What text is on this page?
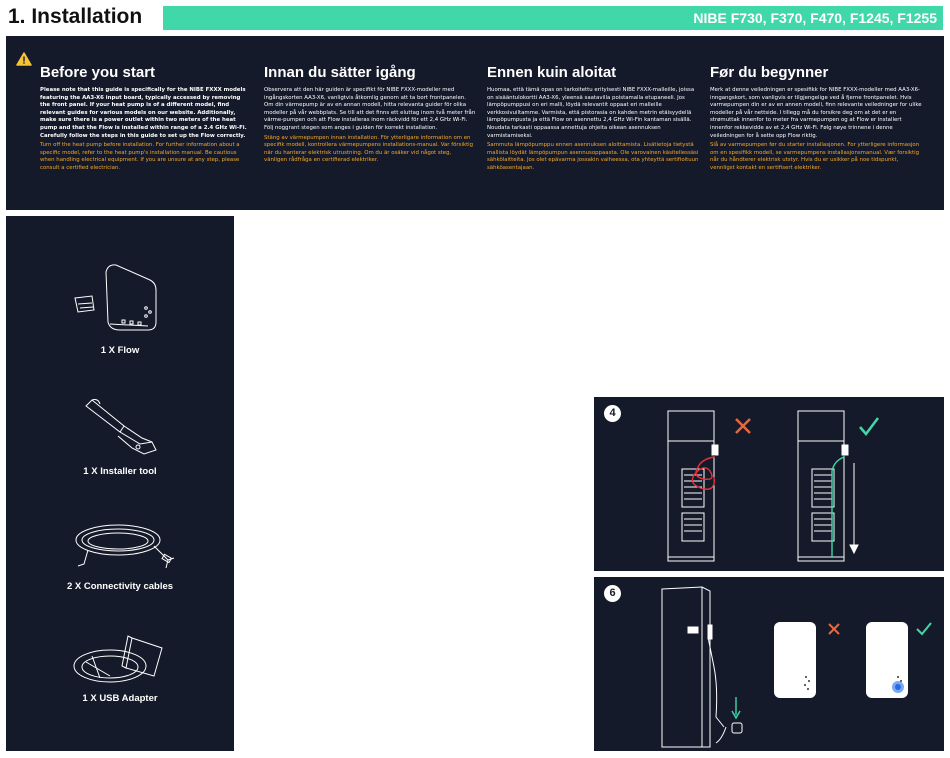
1. Installation	NIBE F730, F370, F470, F1245, F1255
Before you start

Please note that this guide is specifically for the NIBE FXXX models featuring the AA3-X6 input board, typically accessed by removing the front panel. If your heat pump is of a different model, find relevant guides for various models on our website. Additionally, make sure there is a power outlet within two meters of the heat pump and that the Flow is installed within range of a 2.4 GHz Wi-Fi. Carefully follow the steps in this guide to set up the Flow correctly.

Turn off the heat pump before installation. For further information about a specific model, refer to the heat pump's installation manual. Be cautious when handling electrical equipment. If you are unsure at any step, please consult a certified electrician.

Innan du sätter igång

Observera att den här guiden är specifikt för NIBE FXXX-modeller med ingångskorten AA3-X6, vanligtvis åtkomlig genom att ta bort frontpanelen. Om din värmepump är av en annan modell, hitta relevanta guider för olika modeller på vår webbplats. Se till att det finns ett eluttag inom två meter från värme-pumpen och att Flow installeras inom räckvidd för ett 2,4 GHz Wi-Fi. Följ noggrant stegen som anges i guiden för korrekt installation.

Stäng av värmepumpen innan installation. För ytterligare information om en specifik modell, kontrollera värmepumpens installations-manual. Var försiktig när du hanterar elektrisk utrustning. Om du är osäker vid något steg, vänligen rådfråga en certifierad elektriker.

Ennen kuin aloitat

Huomaa, että tämä opas on tarkoitettu erityisesti NIBE FXXX-malleille, joissa on sisääntulokortti AA3-X6, yleensä saatavilla poistamalla etupaneeli. Jos lämpöpumppusi on eri malli, löydä relevantit oppaat eri malleille verkkosivuiltamme. Varmista, että pistorasia on kahden metrin etäisyydellä lämpöpumpusta ja että Flow on asennettu 2,4 GHz Wi-Fin kantaman sisällä. Noudata tarkasti oppaassa annettuja ohjeita oikean asennuksen varmistamiseksi.

Sammuta lämpöpumppu ennen asennuksen aloittamista. Lisätietoja tietystä mallista löydät lämpöpumpun asennusoppaasta. Ole varovainen käsitellessäsi sähkölaitteita. Jos olet epävarma jossakin vaiheessa, ota yhteyttä sertifioituun sähköasentajaan.

Før du begynner

Merk at denne veiledningen er spesifikk for NIBE FXXX-modeller med AA3-X6-inngangskort, som vanligvis er tilgjengelige ved å fjerne frontpanelet. Hvis varmepumpen din er av en annen modell, finn relevante veiledninger for ulike modeller på vår nettside. I tillegg må du forsikre deg om at det er en strømuttak innenfor to meter fra varmepumpen og at Flow er installert innenfor rekkevidde av et 2,4 GHz Wi-Fi. Følg nøye trinnene i denne veiledningen for å sette opp Flow riktig.

Slå av varmepumpen før du starter installasjonen. For ytterligere informasjon om en spesifikk modell, se varmepumpens installasjonsmanual. Vær forsiktig når du håndterer elektrisk utstyr. Hvis du er usikker på noe tidspunkt, vennligst kontakt en sertifisert elektriker.

1 X Flow
1 X Installer tool
2 X Connectivity cables
1 X USB Adapter
4
6
